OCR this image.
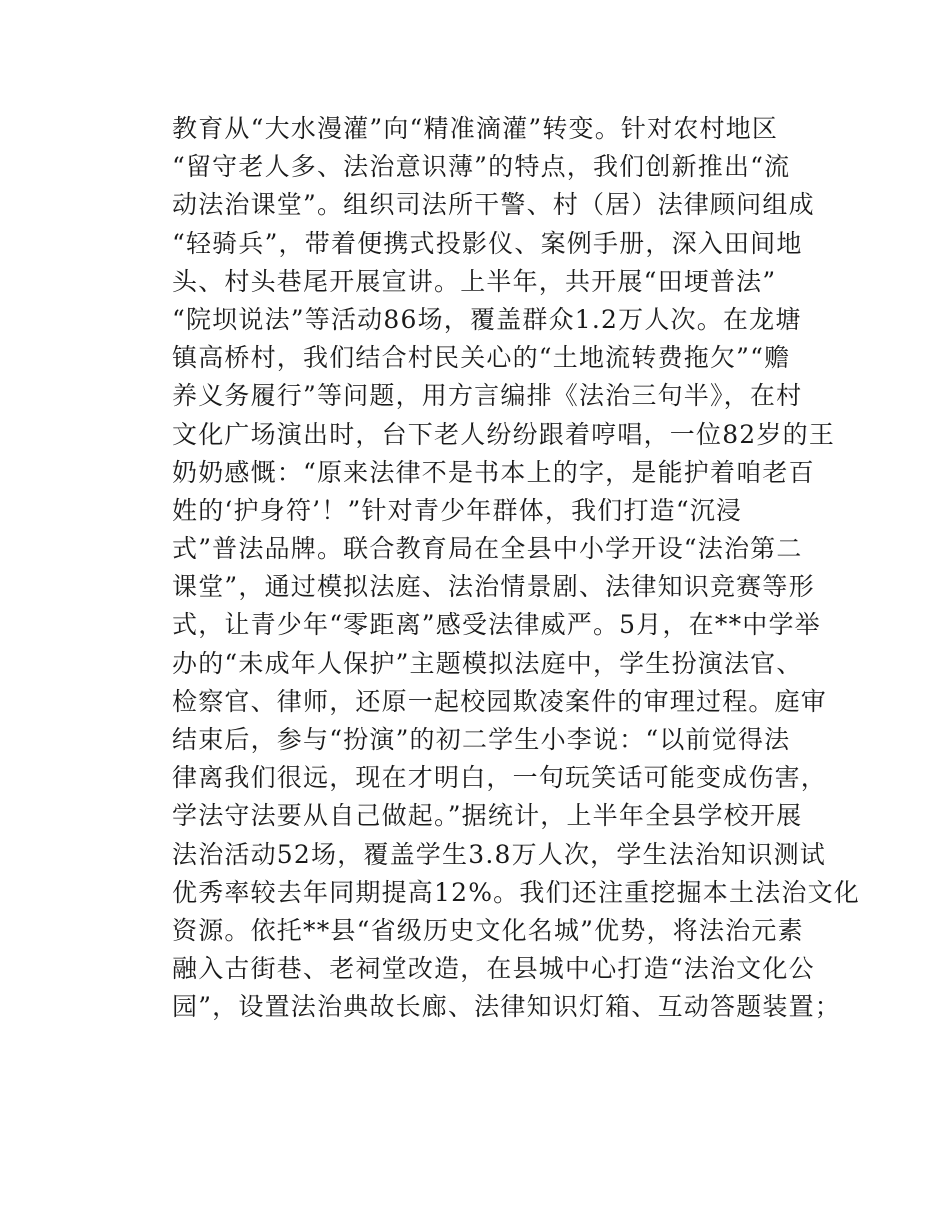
教育从“大水漫灌”向“精准滴灌”转变。针对农村地区
“留守老人多、法治意识薄”的特点，我们创新推出“流
动法治课堂”。组织司法所干警、村（居）法律顾问组成
“轻骑兵”，带着便携式投影仪、案例手册，深入田间地
头、村头巷尾开展宣讲。上半年，共开展“田埂普法”
“院坝说法”等活动86场，覆盖群众1.2万人次。在龙塘
镇高桥村，我们结合村民关心的“土地流转费拖欠”“赡
养义务履行”等问题，用方言编排《法治三句半》，在村
文化广场演出时，台下老人纷纷跟着哼唱，一位82岁的王
奶奶感慨：“原来法律不是书本上的字，是能护着咱老百
姓的‘护身符’！”针对青少年群体，我们打造“沉浸
式”普法品牌。联合教育局在全县中小学开设“法治第二
课堂”，通过模拟法庭、法治情景剧、法律知识竞赛等形
式，让青少年“零距离”感受法律威严。5月，在**中学举
办的“未成年人保护”主题模拟法庭中，学生扮演法官、
检察官、律师，还原一起校园欺凌案件的审理过程。庭审
结束后，参与“扮演”的初二学生小李说：“以前觉得法
律离我们很远，现在才明白，一句玩笑话可能变成伤害，
学法守法要从自己做起。”据统计，上半年全县学校开展
法治活动52场，覆盖学生3.8万人次，学生法治知识测试
优秀率较去年同期提高12%。我们还注重挖掘本土法治文化
资源。依托**县“省级历史文化名城”优势，将法治元素
融入古街巷、老祠堂改造，在县城中心打造“法治文化公
园”，设置法治典故长廊、法律知识灯箱、互动答题装置；
